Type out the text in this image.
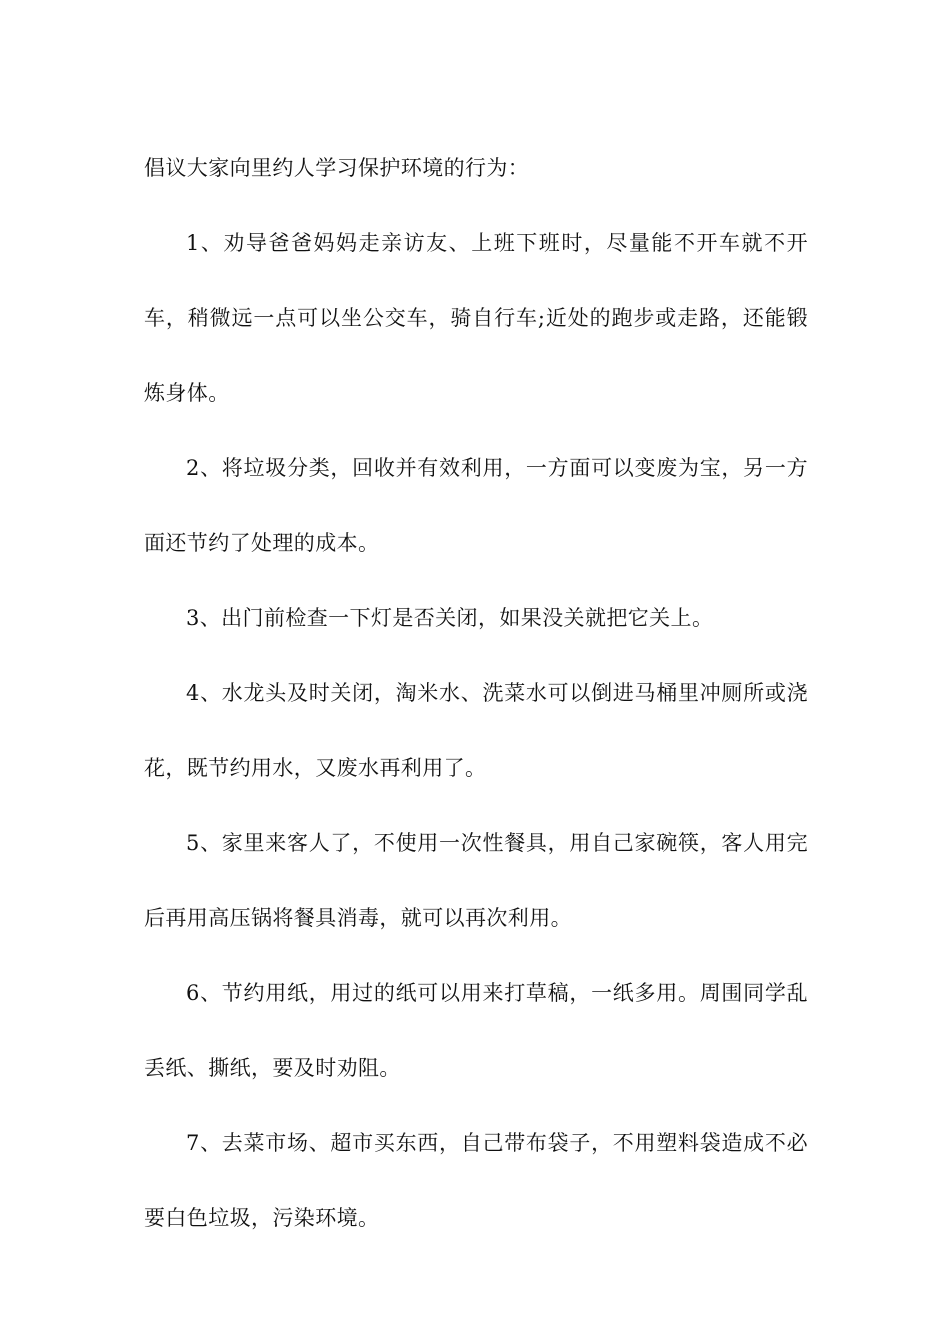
倡议大家向里约人学习保护环境的行为：

1、劝导爸爸妈妈走亲访友、上班下班时，尽量能不开车就不开车，稍微远一点可以坐公交车，骑自行车;近处的跑步或走路，还能锻炼身体。

2、将垃圾分类，回收并有效利用，一方面可以变废为宝，另一方面还节约了处理的成本。

3、出门前检查一下灯是否关闭，如果没关就把它关上。

4、水龙头及时关闭，淘米水、洗菜水可以倒进马桶里冲厕所或浇花，既节约用水，又废水再利用了。

5、家里来客人了，不使用一次性餐具，用自己家碗筷，客人用完后再用高压锅将餐具消毒，就可以再次利用。

6、节约用纸，用过的纸可以用来打草稿，一纸多用。周围同学乱丢纸、撕纸，要及时劝阻。

7、去菜市场、超市买东西，自己带布袋子，不用塑料袋造成不必要白色垃圾，污染环境。
